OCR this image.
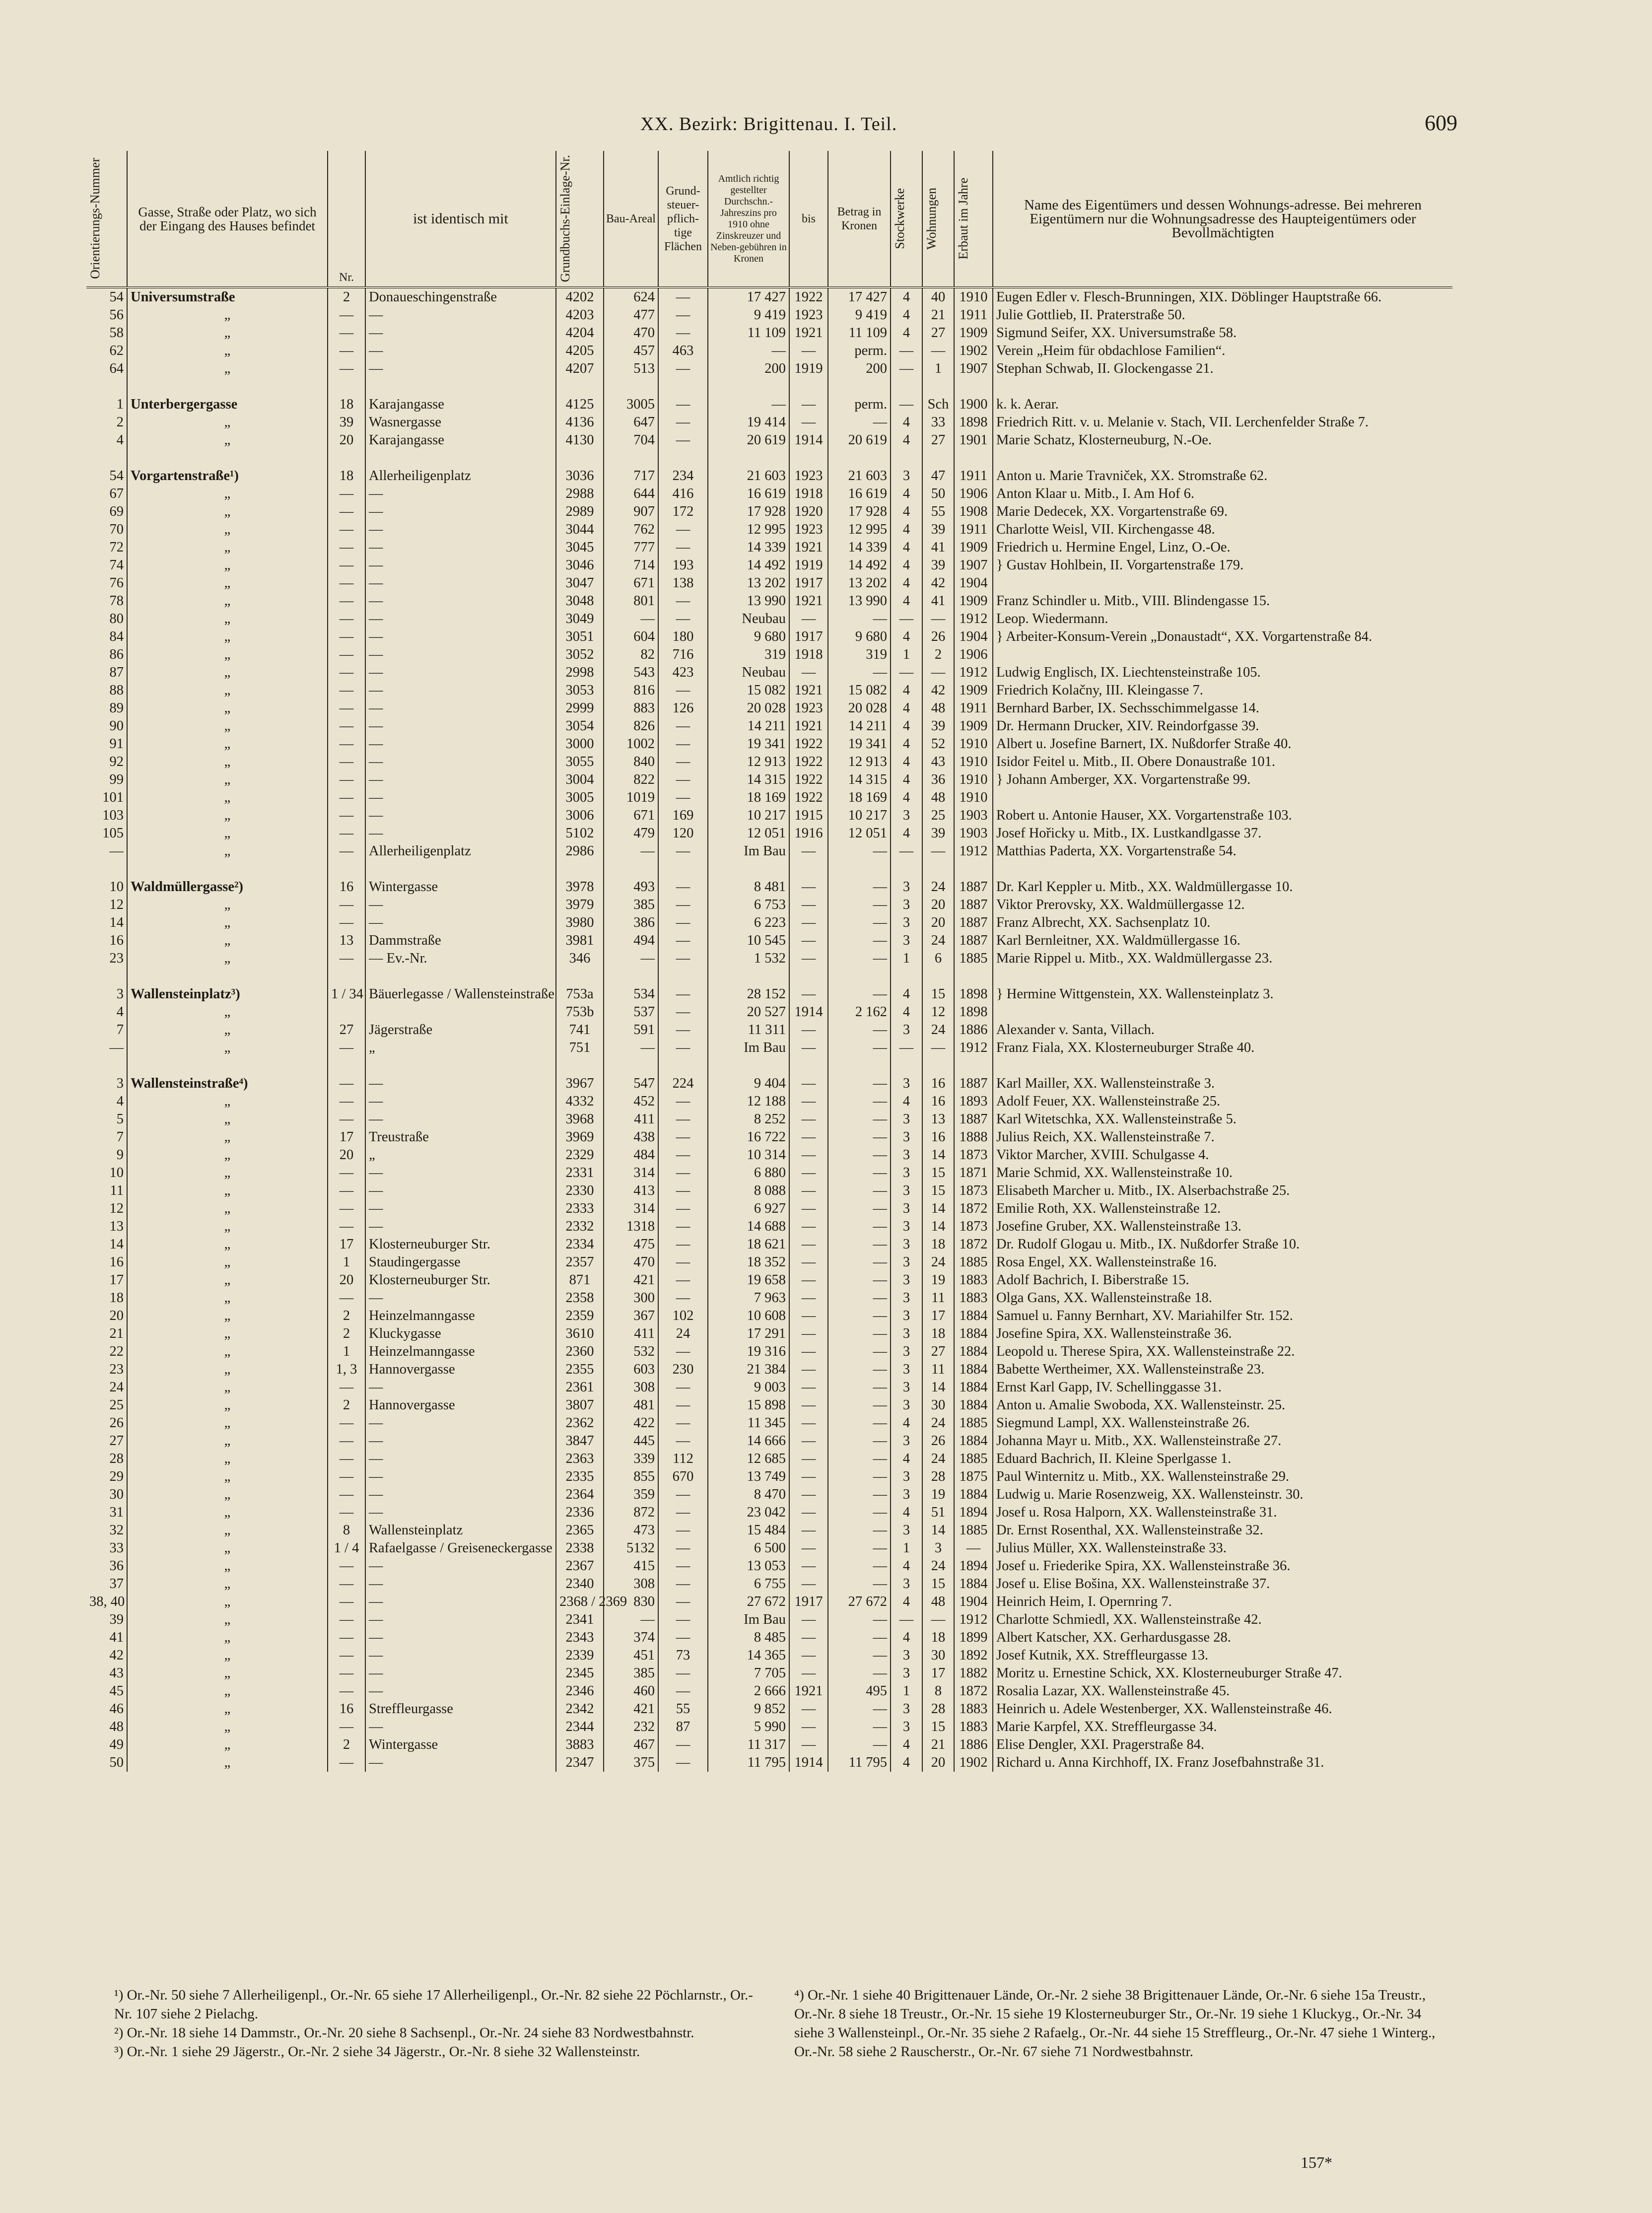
XX. Bezirk: Brigittenau. I. Teil.	609
Orientierungs-Nummer	Gasse, Straße oder Platz, wo sich der Eingang des Hauses befindet	Nr.	ist identisch mit	Grundbuchs-Einlage-Nr.	Bau-Areal	Grund-steuer-pflich-tige Flächen	Amtlich richtig gestellter Durchschn.-Jahreszins pro 1910 ohne Zinskreuzer und Neben-gebühren in Kronen	bis	Betrag in Kronen	Stockwerke	Wohnungen	Erbaut im Jahre	Name des Eigentümers und dessen Wohnungs-adresse. Bei mehreren Eigentümern nur die Wohnungsadresse des Haupteigentümers oder Bevollmächtigten
54	Universumstraße	2	Donaueschingenstraße	4202	624	—	17 427	1922	17 427	4	40	1910	Eugen Edler v. Flesch-Brunningen, XIX. Döblinger Hauptstraße 66.
56	„	—	—	4203	477	—	9 419	1923	9 419	4	21	1911	Julie Gottlieb, II. Praterstraße 50.
58	„	—	—	4204	470	—	11 109	1921	11 109	4	27	1909	Sigmund Seifer, XX. Universumstraße 58.
62	„	—	—	4205	457	463	—	—	perm.	—	—	1902	Verein „Heim für obdachlose Familien“.
64	„	—	—	4207	513	—	200	1919	200	—	1	1907	Stephan Schwab, II. Glockengasse 21.

1	Unterbergergasse	18	Karajangasse	4125	3005	—	—	—	perm.	—	Sch	1900	k. k. Aerar.
2	„	39	Wasnergasse	4136	647	—	19 414	—	—	4	33	1898	Friedrich Ritt. v. u. Melanie v. Stach, VII. Lerchenfelder Straße 7.
4	„	20	Karajangasse	4130	704	—	20 619	1914	20 619	4	27	1901	Marie Schatz, Klosterneuburg, N.-Oe.

54	Vorgartenstraße¹)	18	Allerheiligenplatz	3036	717	234	21 603	1923	21 603	3	47	1911	Anton u. Marie Travniček, XX. Stromstraße 62.
67	„	—	—	2988	644	416	16 619	1918	16 619	4	50	1906	Anton Klaar u. Mitb., I. Am Hof 6.
69	„	—	—	2989	907	172	17 928	1920	17 928	4	55	1908	Marie Dedecek, XX. Vorgartenstraße 69.
70	„	—	—	3044	762	—	12 995	1923	12 995	4	39	1911	Charlotte Weisl, VII. Kirchengasse 48.
72	„	—	—	3045	777	—	14 339	1921	14 339	4	41	1909	Friedrich u. Hermine Engel, Linz, O.-Oe.
74	„	—	—	3046	714	193	14 492	1919	14 492	4	39	1907	} Gustav Hohlbein, II. Vorgartenstraße 179.
76	„	—	—	3047	671	138	13 202	1917	13 202	4	42	1904	
78	„	—	—	3048	801	—	13 990	1921	13 990	4	41	1909	Franz Schindler u. Mitb., VIII. Blindengasse 15.
80	„	—	—	3049	—	—	Neubau	—	—	—	—	1912	Leop. Wiedermann.
84	„	—	—	3051	604	180	9 680	1917	9 680	4	26	1904	} Arbeiter-Konsum-Verein „Donaustadt“, XX. Vorgartenstraße 84.
86	„	—	—	3052	82	716	319	1918	319	1	2	1906	
87	„	—	—	2998	543	423	Neubau	—	—	—	—	1912	Ludwig Englisch, IX. Liechtensteinstraße 105.
88	„	—	—	3053	816	—	15 082	1921	15 082	4	42	1909	Friedrich Kolačny, III. Kleingasse 7.
89	„	—	—	2999	883	126	20 028	1923	20 028	4	48	1911	Bernhard Barber, IX. Sechsschimmelgasse 14.
90	„	—	—	3054	826	—	14 211	1921	14 211	4	39	1909	Dr. Hermann Drucker, XIV. Reindorfgasse 39.
91	„	—	—	3000	1002	—	19 341	1922	19 341	4	52	1910	Albert u. Josefine Barnert, IX. Nußdorfer Straße 40.
92	„	—	—	3055	840	—	12 913	1922	12 913	4	43	1910	Isidor Feitel u. Mitb., II. Obere Donaustraße 101.
99	„	—	—	3004	822	—	14 315	1922	14 315	4	36	1910	} Johann Amberger, XX. Vorgartenstraße 99.
101	„	—	—	3005	1019	—	18 169	1922	18 169	4	48	1910	
103	„	—	—	3006	671	169	10 217	1915	10 217	3	25	1903	Robert u. Antonie Hauser, XX. Vorgartenstraße 103.
105	„	—	—	5102	479	120	12 051	1916	12 051	4	39	1903	Josef Hořicky u. Mitb., IX. Lustkandlgasse 37.
—	„	—	Allerheiligenplatz	2986	—	—	Im Bau	—	—	—	—	1912	Matthias Paderta, XX. Vorgartenstraße 54.

10	Waldmüllergasse²)	16	Wintergasse	3978	493	—	8 481	—	—	3	24	1887	Dr. Karl Keppler u. Mitb., XX. Waldmüllergasse 10.
12	„	—	—	3979	385	—	6 753	—	—	3	20	1887	Viktor Prerovsky, XX. Waldmüllergasse 12.
14	„	—	—	3980	386	—	6 223	—	—	3	20	1887	Franz Albrecht, XX. Sachsenplatz 10.
16	„	13	Dammstraße	3981	494	—	10 545	—	—	3	24	1887	Karl Bernleitner, XX. Waldmüllergasse 16.
23	„	—	— Ev.-Nr.	346	—	—	1 532	—	—	1	6	1885	Marie Rippel u. Mitb., XX. Waldmüllergasse 23.

3	Wallensteinplatz³)	1 / 34	Bäuerlegasse / Wallensteinstraße	753a	534	—	28 152	—	—	4	15	1898	} Hermine Wittgenstein, XX. Wallensteinplatz 3.
4	„			753b	537	—	20 527	1914	2 162	4	12	1898	
7	„	27	Jägerstraße	741	591	—	11 311	—	—	3	24	1886	Alexander v. Santa, Villach.
—	„	—	„	751	—	—	Im Bau	—	—	—	—	1912	Franz Fiala, XX. Klosterneuburger Straße 40.

3	Wallensteinstraße⁴)	—	—	3967	547	224	9 404	—	—	3	16	1887	Karl Mailler, XX. Wallensteinstraße 3.
4	„	—	—	4332	452	—	12 188	—	—	4	16	1893	Adolf Feuer, XX. Wallensteinstraße 25.
5	„	—	—	3968	411	—	8 252	—	—	3	13	1887	Karl Witetschka, XX. Wallensteinstraße 5.
7	„	17	Treustraße	3969	438	—	16 722	—	—	3	16	1888	Julius Reich, XX. Wallensteinstraße 7.
9	„	20	„	2329	484	—	10 314	—	—	3	14	1873	Viktor Marcher, XVIII. Schulgasse 4.
10	„	—	—	2331	314	—	6 880	—	—	3	15	1871	Marie Schmid, XX. Wallensteinstraße 10.
11	„	—	—	2330	413	—	8 088	—	—	3	15	1873	Elisabeth Marcher u. Mitb., IX. Alserbachstraße 25.
12	„	—	—	2333	314	—	6 927	—	—	3	14	1872	Emilie Roth, XX. Wallensteinstraße 12.
13	„	—	—	2332	1318	—	14 688	—	—	3	14	1873	Josefine Gruber, XX. Wallensteinstraße 13.
14	„	17	Klosterneuburger Str.	2334	475	—	18 621	—	—	3	18	1872	Dr. Rudolf Glogau u. Mitb., IX. Nußdorfer Straße 10.
16	„	1	Staudingergasse	2357	470	—	18 352	—	—	3	24	1885	Rosa Engel, XX. Wallensteinstraße 16.
17	„	20	Klosterneuburger Str.	871	421	—	19 658	—	—	3	19	1883	Adolf Bachrich, I. Biberstraße 15.
18	„	—	—	2358	300	—	7 963	—	—	3	11	1883	Olga Gans, XX. Wallensteinstraße 18.
20	„	2	Heinzelmanngasse	2359	367	102	10 608	—	—	3	17	1884	Samuel u. Fanny Bernhart, XV. Mariahilfer Str. 152.
21	„	2	Kluckygasse	3610	411	24	17 291	—	—	3	18	1884	Josefine Spira, XX. Wallensteinstraße 36.
22	„	1	Heinzelmanngasse	2360	532	—	19 316	—	—	3	27	1884	Leopold u. Therese Spira, XX. Wallensteinstraße 22.
23	„	1, 3	Hannovergasse	2355	603	230	21 384	—	—	3	11	1884	Babette Wertheimer, XX. Wallensteinstraße 23.
24	„	—	—	2361	308	—	9 003	—	—	3	14	1884	Ernst Karl Gapp, IV. Schellinggasse 31.
25	„	2	Hannovergasse	3807	481	—	15 898	—	—	3	30	1884	Anton u. Amalie Swoboda, XX. Wallensteinstr. 25.
26	„	—	—	2362	422	—	11 345	—	—	4	24	1885	Siegmund Lampl, XX. Wallensteinstraße 26.
27	„	—	—	3847	445	—	14 666	—	—	3	26	1884	Johanna Mayr u. Mitb., XX. Wallensteinstraße 27.
28	„	—	—	2363	339	112	12 685	—	—	4	24	1885	Eduard Bachrich, II. Kleine Sperlgasse 1.
29	„	—	—	2335	855	670	13 749	—	—	3	28	1875	Paul Winternitz u. Mitb., XX. Wallensteinstraße 29.
30	„	—	—	2364	359	—	8 470	—	—	3	19	1884	Ludwig u. Marie Rosenzweig, XX. Wallensteinstr. 30.
31	„	—	—	2336	872	—	23 042	—	—	4	51	1894	Josef u. Rosa Halporn, XX. Wallensteinstraße 31.
32	„	8	Wallensteinplatz	2365	473	—	15 484	—	—	3	14	1885	Dr. Ernst Rosenthal, XX. Wallensteinstraße 32.
33	„	1 / 4	Rafaelgasse / Greiseneckergasse	2338	5132	—	6 500	—	—	1	3	—	Julius Müller, XX. Wallensteinstraße 33.
36	„	—	—	2367	415	—	13 053	—	—	4	24	1894	Josef u. Friederike Spira, XX. Wallensteinstraße 36.
37	„	—	—	2340	308	—	6 755	—	—	3	15	1884	Josef u. Elise Bošina, XX. Wallensteinstraße 37.
38, 40	„	—	—	2368 / 2369	830	—	27 672	1917	27 672	4	48	1904	Heinrich Heim, I. Opernring 7.
39	„	—	—	2341	—	—	Im Bau	—	—	—	—	1912	Charlotte Schmiedl, XX. Wallensteinstraße 42.
41	„	—	—	2343	374	—	8 485	—	—	4	18	1899	Albert Katscher, XX. Gerhardusgasse 28.
42	„	—	—	2339	451	73	14 365	—	—	3	30	1892	Josef Kutnik, XX. Streffleurgasse 13.
43	„	—	—	2345	385	—	7 705	—	—	3	17	1882	Moritz u. Ernestine Schick, XX. Klosterneuburger Straße 47.
45	„	—	—	2346	460	—	2 666	1921	495	1	8	1872	Rosalia Lazar, XX. Wallensteinstraße 45.
46	„	16	Streffleurgasse	2342	421	55	9 852	—	—	3	28	1883	Heinrich u. Adele Westenberger, XX. Wallensteinstraße 46.
48	„	—	—	2344	232	87	5 990	—	—	3	15	1883	Marie Karpfel, XX. Streffleurgasse 34.
49	„	2	Wintergasse	3883	467	—	11 317	—	—	4	21	1886	Elise Dengler, XXI. Pragerstraße 84.
50	„	—	—	2347	375	—	11 795	1914	11 795	4	20	1902	Richard u. Anna Kirchhoff, IX. Franz Josefbahnstraße 31.
¹) Or.-Nr. 50 siehe 7 Allerheiligenpl., Or.-Nr. 65 siehe 17 Allerheiligenpl., Or.-Nr. 82 siehe 22 Pöchlarnstr., Or.-Nr. 107 siehe 2 Pielachg.
²) Or.-Nr. 18 siehe 14 Dammstr., Or.-Nr. 20 siehe 8 Sachsenpl., Or.-Nr. 24 siehe 83 Nordwestbahnstr.
³) Or.-Nr. 1 siehe 29 Jägerstr., Or.-Nr. 2 siehe 34 Jägerstr., Or.-Nr. 8 siehe 32 Wallensteinstr.
⁴) Or.-Nr. 1 siehe 40 Brigittenauer Lände, Or.-Nr. 2 siehe 38 Brigittenauer Lände, Or.-Nr. 6 siehe 15a Treustr., Or.-Nr. 8 siehe 18 Treustr., Or.-Nr. 15 siehe 19 Klosterneuburger Str., Or.-Nr. 19 siehe 1 Kluckyg., Or.-Nr. 34 siehe 3 Wallensteinpl., Or.-Nr. 35 siehe 2 Rafaelg., Or.-Nr. 44 siehe 15 Streffleurg., Or.-Nr. 47 siehe 1 Winterg., Or.-Nr. 58 siehe 2 Rauscherstr., Or.-Nr. 67 siehe 71 Nordwestbahnstr.
157*
